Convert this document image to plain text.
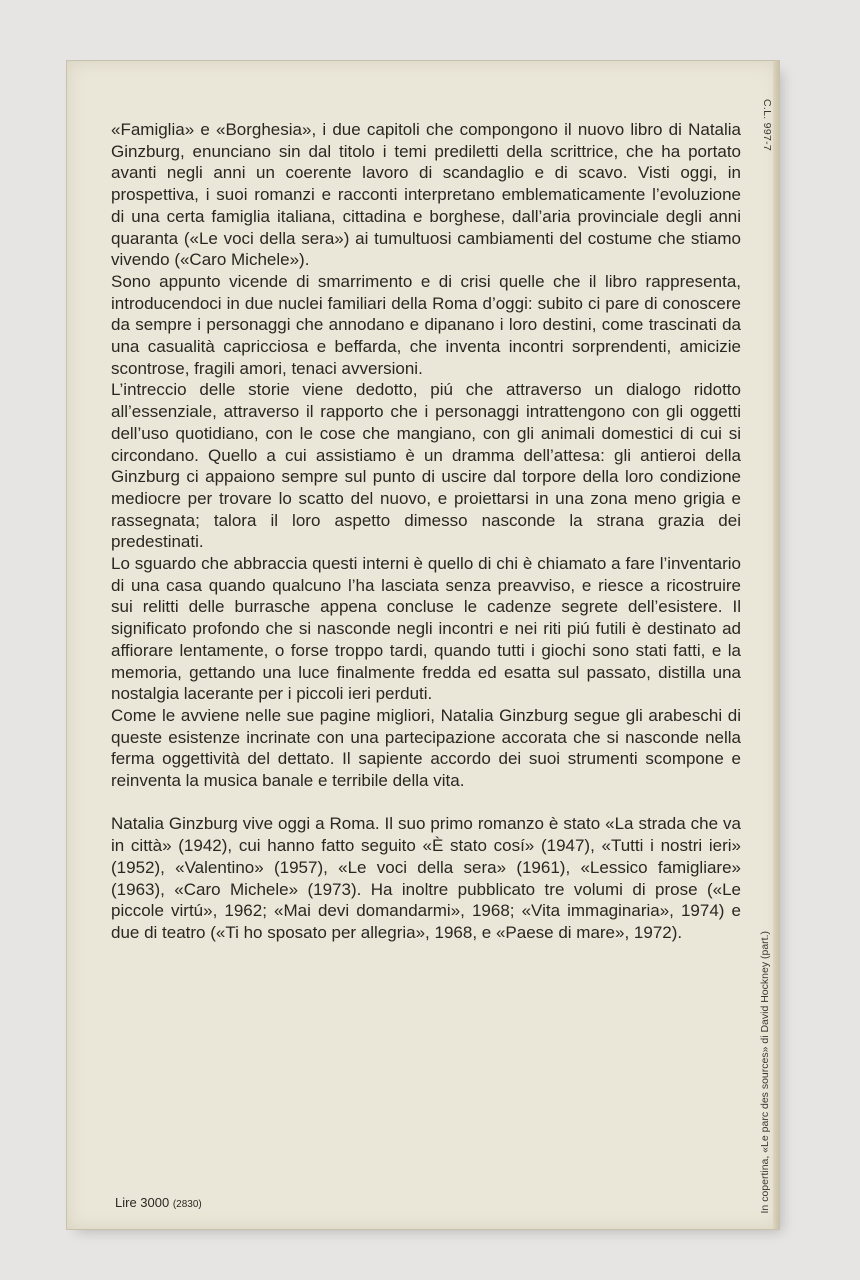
«Famiglia» e «Borghesia», i due capitoli che compongono il nuovo libro di Natalia Ginzburg, enunciano sin dal titolo i temi prediletti della scrittrice, che ha portato avanti negli anni un coerente lavoro di scandaglio e di scavo. Visti oggi, in prospettiva, i suoi romanzi e racconti interpretano emblematicamente l’evoluzione di una certa famiglia italiana, cittadina e borghese, dall’aria provinciale degli anni quaranta («Le voci della sera») ai tumultuosi cambiamenti del costume che stiamo vivendo («Caro Michele»).

Sono appunto vicende di smarrimento e di crisi quelle che il libro rappresenta, introducendoci in due nuclei familiari della Roma d’oggi: subito ci pare di conoscere da sempre i personaggi che annodano e dipanano i loro destini, come trascinati da una casualità capricciosa e beffarda, che inventa incontri sorprendenti, amicizie scontrose, fragili amori, tenaci avversioni.

L’intreccio delle storie viene dedotto, piú che attraverso un dialogo ridotto all’essenziale, attraverso il rapporto che i personaggi intrattengono con gli oggetti dell’uso quotidiano, con le cose che mangiano, con gli animali domestici di cui si circondano. Quello a cui assistiamo è un dramma dell’attesa: gli antieroi della Ginzburg ci appaiono sempre sul punto di uscire dal torpore della loro condizione mediocre per trovare lo scatto del nuovo, e proiettarsi in una zona meno grigia e rassegnata; talora il loro aspetto dimesso nasconde la strana grazia dei predestinati.

Lo sguardo che abbraccia questi interni è quello di chi è chiamato a fare l’inventario di una casa quando qualcuno l’ha lasciata senza preavviso, e riesce a ricostruire sui relitti delle burrasche appena concluse le cadenze segrete dell’esistere. Il significato profondo che si nasconde negli incontri e nei riti piú futili è destinato ad affiorare lentamente, o forse troppo tardi, quando tutti i giochi sono stati fatti, e la memoria, gettando una luce finalmente fredda ed esatta sul passato, distilla una nostalgia lacerante per i piccoli ieri perduti.

Come le avviene nelle sue pagine migliori, Natalia Ginzburg segue gli arabeschi di queste esistenze incrinate con una partecipazione accorata che si nasconde nella ferma oggettività del dettato. Il sapiente accordo dei suoi strumenti scompone e reinventa la musica banale e terribile della vita.

Natalia Ginzburg vive oggi a Roma. Il suo primo romanzo è stato «La strada che va in città» (1942), cui hanno fatto seguito «È stato cosí» (1947), «Tutti i nostri ieri» (1952), «Valentino» (1957), «Le voci della sera» (1961), «Lessico famigliare» (1963), «Caro Michele» (1973). Ha inoltre pubblicato tre volumi di prose («Le piccole virtú», 1962; «Mai devi domandarmi», 1968; «Vita immaginaria», 1974) e due di teatro («Ti ho sposato per allegria», 1968, e «Paese di mare», 1972).

Lire 3000 (2830)
C.L. 997-7
In copertina, «Le parc des sources» di David Hockney (part.)
